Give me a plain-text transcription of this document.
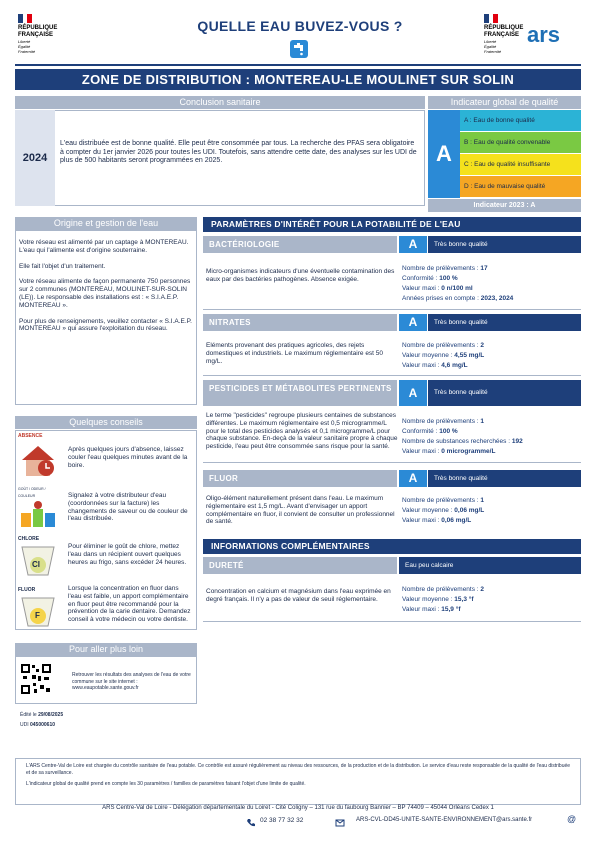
RÉPUBLIQUE
FRANÇAISE
Liberté
Égalité
Fraternité
QUELLE EAU BUVEZ-VOUS ?	RÉPUBLIQUE
FRANÇAISE
Liberté
Égalité
Fraternité
ars﻿
ZONE DE DISTRIBUTION : MONTEREAU-LE MOULINET SUR SOLIN
Conclusion sanitaire
2024
L'eau distribuée est de bonne qualité. Elle peut être consommée par tous. La recherche des PFAS sera obligatoire à compter du 1er janvier 2026 pour toutes les UDI. Toutefois, sans attendre cette date, des analyses sur les UDI de plus de 500 habitants seront programmées en 2025.
Indicateur global de qualité
A
A : Eau de bonne qualité
B : Eau de qualité convenable
C : Eau de qualité insuffisante
D : Eau de mauvaise qualité
Indicateur 2023 : A
Origine et gestion de l'eau

Votre réseau est alimenté par un captage à MONTEREAU. L'eau qui l'alimente est d'origine souterraine.

Elle fait l'objet d'un traitement.

Votre réseau alimente de façon permanente 750 personnes sur 2 communes (MONTEREAU, MOULINET-SUR-SOLIN (LE)). Le responsable des installations est : « S.I.A.E.P. MONTEREAU ».

Pour plus de renseignements, veuillez contacter « S.I.A.E.P. MONTEREAU » qui assure l'exploitation du réseau.

PARAMÈTRES D'INTÉRÊT POUR LA POTABILITÉ DE L'EAU
BACTÉRIOLOGIE	A	Très bonne qualité
Micro-organismes indicateurs d'une éventuelle contamination des eaux par des bactéries pathogènes. Absence exigée.
Nombre de prélèvements : 17
Conformité : 100 %
Valeur maxi : 0 n/100 ml
Années prises en compte : 2023, 2024
NITRATES	A	Très bonne qualité
Eléments provenant des pratiques agricoles, des rejets domestiques et industriels. Le maximum réglementaire est 50 mg/L.
Nombre de prélèvements : 2
Valeur moyenne : 4,55 mg/L
Valeur maxi : 4,6 mg/L
PESTICIDES ET MÉTABOLITES PERTINENTS	A	Très bonne qualité
Le terme "pesticides" regroupe plusieurs centaines de substances différentes. Le maximum réglementaire est 0,5 microgramme/L pour le total des pesticides analysés et 0,1 microgramme/L pour chaque substance. En-deçà de la valeur sanitaire propre à chaque pesticide, l'eau peut être consommée sans risque pour la santé.
Nombre de prélèvements : 1
Conformité : 100 %
Nombre de substances recherchées : 192
Valeur maxi : 0 microgramme/L
FLUOR	A	Très bonne qualité
Oligo-élément naturellement présent dans l'eau. Le maximum réglementaire est 1,5 mg/L. Avant d'envisager un apport complémentaire en fluor, il convient de consulter un professionnel de santé.
Nombre de prélèvements : 1
Valeur moyenne : 0,06 mg/L
Valeur maxi : 0,06 mg/L
INFORMATIONS COMPLÉMENTAIRES
DURETÉ	Eau peu calcaire
Concentration en calcium et magnésium dans l'eau exprimée en degré français. Il n'y a pas de valeur de seuil réglementaire.
Nombre de prélèvements : 2
Valeur moyenne : 15,3 °f
Valeur maxi : 15,9 °f
Quelques conseils
ABSENCE
Après quelques jours d'absence, laissez couler l'eau quelques minutes avant de la boire.
GOÛT / ODEUR / COULEUR	Signalez à votre distributeur d'eau (coordonnées sur la facture) les changements de saveur ou de couleur de l'eau distribuée.
CHLORE
Cl
Pour éliminer le goût de chlore, mettez l'eau dans un récipient ouvert quelques heures au frigo, sans excéder 24 heures.
FLUOR
F
Lorsque la concentration en fluor dans l'eau est faible, un apport complémentaire en fluor peut être recommandé pour la prévention de la carie dentaire. Demandez conseil à votre médecin ou votre dentiste.
Pour aller plus loin
Retrouver les résultats des analyses de l'eau de votre commune sur le site internet : www.eaupotable.sante.gouv.fr
Édité le 29/08/2025
UDI 045000610
L'ARS Centre-Val de Loire est chargée du contrôle sanitaire de l'eau potable. Ce contrôle est assuré régulièrement au niveau des ressources, de la production et de la distribution. Le service d'eau reste responsable de la qualité de l'eau distribuée et de sa surveillance.
L'indicateur global de qualité prend en compte les 30 paramètres / familles de paramètres faisant l'objet d'une limite de qualité.
ARS Centre-Val de Loire - Délégation départementale du Loiret - Cité Coligny – 131 rue du faubourg Bannier – BP 74409 – 45044 Orléans Cedex 1
02 38 77 32 32	ARS-CVL-DD45-UNITE-SANTE-ENVIRONNEMENT@ars.sante.fr	@
